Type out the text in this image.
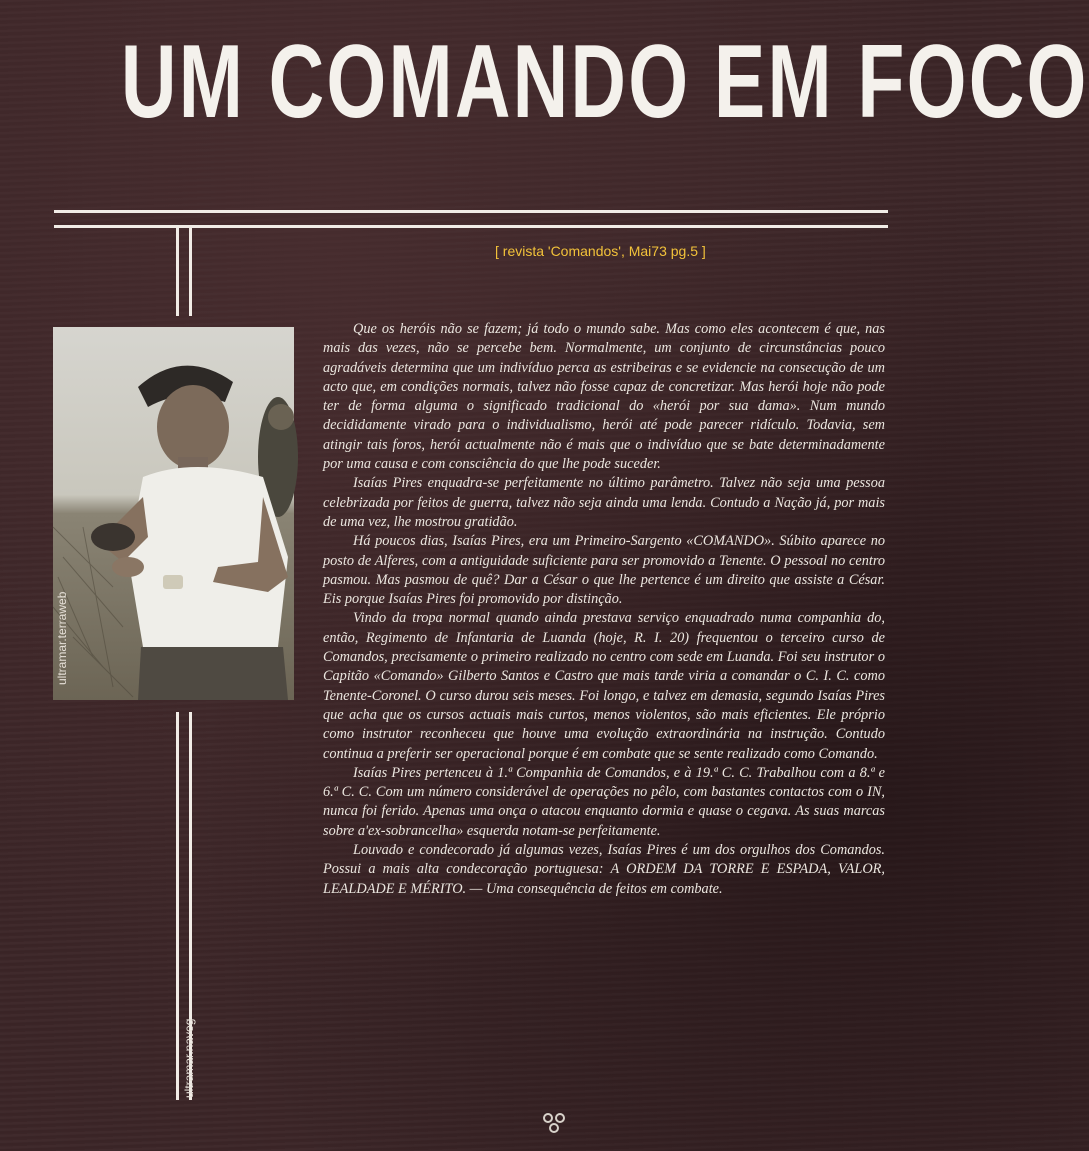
UM COMANDO EM FOCO
[ revista 'Comandos', Mai73 pg.5 ]
ultramar.terraweb
ultramar.naveg

Que os heróis não se fazem; já todo o mundo sabe. Mas como eles acontecem é que, nas mais das vezes, não se percebe bem. Normalmente, um conjunto de circunstâncias pouco agradáveis determina que um indivíduo perca as estribeiras e se evidencie na consecução de um acto que, em condições normais, talvez não fosse capaz de concretizar. Mas herói hoje não pode ter de forma alguma o significado tradicional do «herói por sua dama». Num mundo decididamente virado para o individualismo, herói até pode parecer ridículo. Todavia, sem atingir tais foros, herói actualmente não é mais que o indivíduo que se bate determinadamente por uma causa e com consciência do que lhe pode suceder.

Isaías Pires enquadra-se perfeitamente no último parâmetro. Talvez não seja uma pessoa celebrizada por feitos de guerra, talvez não seja ainda uma lenda. Contudo a Nação já, por mais de uma vez, lhe mostrou gratidão.

Há poucos dias, Isaías Pires, era um Primeiro-Sargento «COMANDO». Súbito aparece no posto de Alferes, com a antiguidade suficiente para ser promovido a Tenente. O pessoal no centro pasmou. Mas pasmou de quê? Dar a César o que lhe pertence é um direito que assiste a César. Eis porque Isaías Pires foi promovido por distinção.

Vindo da tropa normal quando ainda prestava serviço enquadrado numa companhia do, então, Regimento de Infantaria de Luanda (hoje, R. I. 20) frequentou o terceiro curso de Comandos, precisamente o primeiro realizado no centro com sede em Luanda. Foi seu instrutor o Capitão «Comando» Gilberto Santos e Castro que mais tarde viria a comandar o C. I. C. como Tenente-Coronel. O curso durou seis meses. Foi longo, e talvez em demasia, segundo Isaías Pires que acha que os cursos actuais mais curtos, menos violentos, são mais eficientes. Ele próprio como instrutor reconheceu que houve uma evolução extraordinária na instrução. Contudo continua a preferir ser operacional porque é em combate que se sente realizado como Comando.

Isaías Pires pertenceu à 1.ª Companhia de Comandos, e à 19.ª C. C. Trabalhou com a 8.ª e 6.ª C. C. Com um número considerável de operações no pêlo, com bastantes contactos com o IN, nunca foi ferido. Apenas uma onça o atacou enquanto dormia e quase o cegava. As suas marcas sobre a'ex-sobrancelha» esquerda notam-se perfeitamente.

Louvado e condecorado já algumas vezes, Isaías Pires é um dos orgulhos dos Comandos. Possui a mais alta condecoração portuguesa: A ORDEM DA TORRE E ESPADA, VALOR, LEALDADE E MÉRITO. — Uma consequência de feitos em combate.
